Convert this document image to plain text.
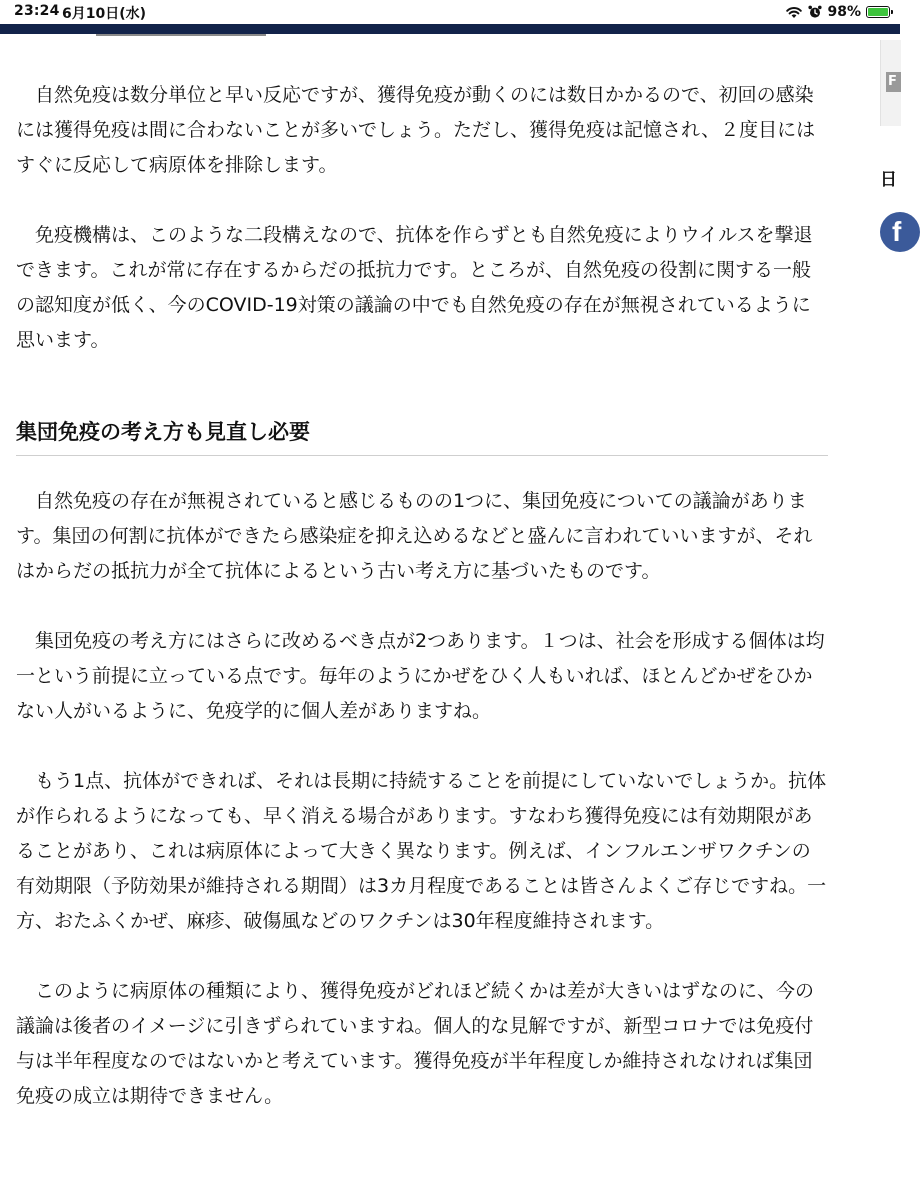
23:24 6月10日(水)	98%

自然免疫は数分単位と早い反応ですが、獲得免疫が動くのには数日かかるので、初回の感染には獲得免疫は間に合わないことが多いでしょう。ただし、獲得免疫は記憶され、２度目にはすぐに反応して病原体を排除します。

免疫機構は、このような二段構えなので、抗体を作らずとも自然免疫によりウイルスを撃退できます。これが常に存在するからだの抵抗力です。ところが、自然免疫の役割に関する一般の認知度が低く、今のCOVID-19対策の議論の中でも自然免疫の存在が無視されているように思います。

集団免疫の考え方も見直し必要

自然免疫の存在が無視されていると感じるものの1つに、集団免疫についての議論があります。集団の何割に抗体ができたら感染症を抑え込めるなどと盛んに言われていいますが、それはからだの抵抗力が全て抗体によるという古い考え方に基づいたものです。

集団免疫の考え方にはさらに改めるべき点が2つあります。１つは、社会を形成する個体は均一という前提に立っている点です。毎年のようにかぜをひく人もいれば、ほとんどかぜをひかない人がいるように、免疫学的に個人差がありますね。

もう1点、抗体ができれば、それは長期に持続することを前提にしていないでしょうか。抗体が作られるようになっても、早く消える場合があります。すなわち獲得免疫には有効期限があることがあり、これは病原体によって大きく異なります。例えば、インフルエンザワクチンの有効期限（予防効果が維持される期間）は3カ月程度であることは皆さんよくご存じですね。一方、おたふくかぜ、麻疹、破傷風などのワクチンは30年程度維持されます。

このように病原体の種類により、獲得免疫がどれほど続くかは差が大きいはずなのに、今の議論は後者のイメージに引きずられていますね。個人的な見解ですが、新型コロナでは免疫付与は半年程度なのではないかと考えています。獲得免疫が半年程度しか維持されなければ集団免疫の成立は期待できません。

F
日
f
